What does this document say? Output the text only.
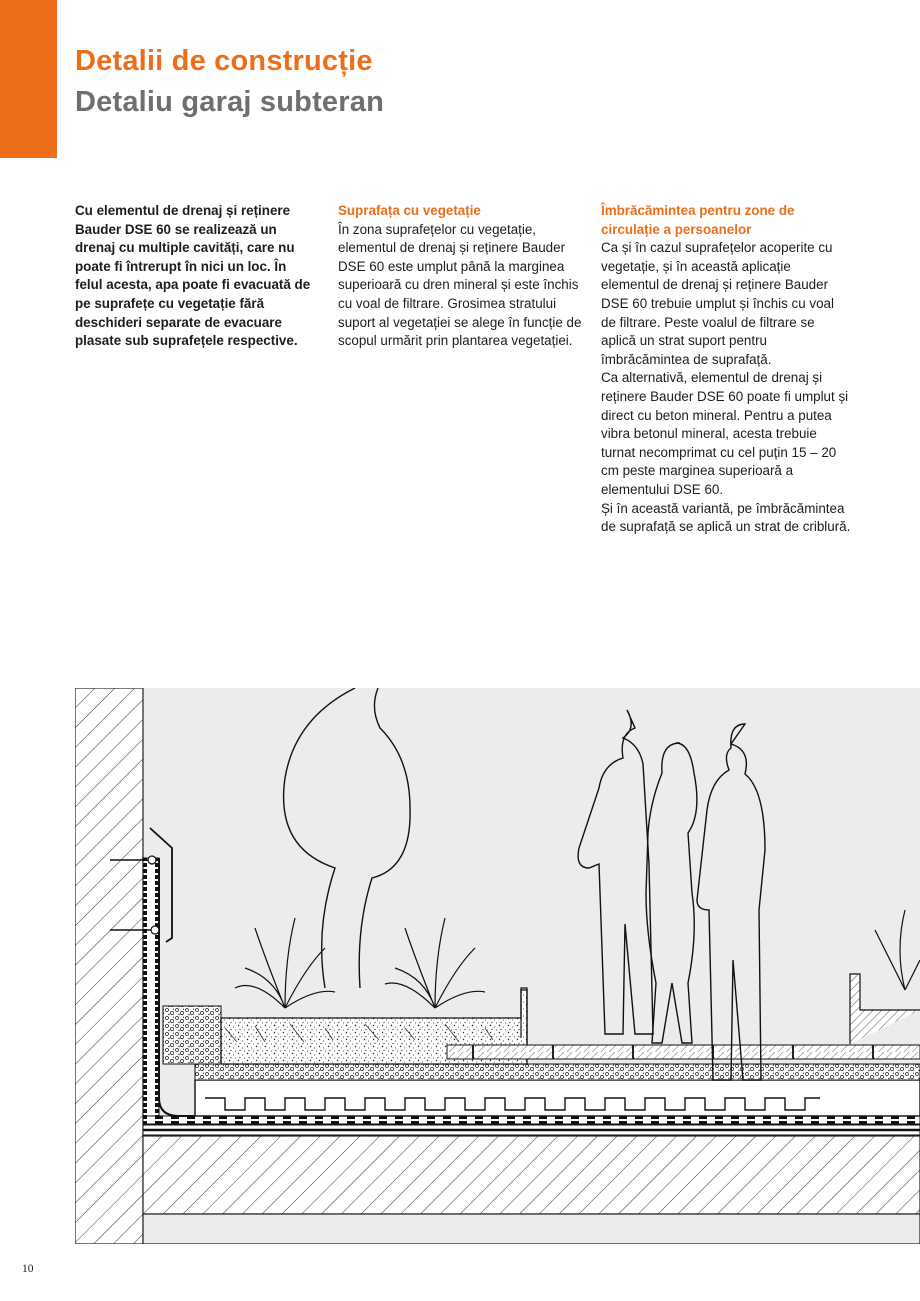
Detalii de construcție
Detaliu garaj subteran

Cu elementul de drenaj și reținere Bauder DSE 60 se realizează un drenaj cu multiple cavități, care nu poate fi întrerupt în nici un loc. În felul acesta, apa poate fi evacuată de pe suprafețe cu vegetație fără deschideri separate de evacuare plasate sub suprafețele respective.

Suprafața cu vegetație

În zona suprafețelor cu vegetație, elementul de drenaj și reținere Bauder DSE 60 este umplut până la marginea superioară cu dren mineral și este închis cu voal de filtrare. Grosimea stratului suport al vegetației se alege în funcție de scopul urmărit prin plantarea vegetației.

Îmbrăcămintea pentru zone de circulație a persoanelor

Ca și în cazul suprafețelor acoperite cu vegetație, și în această aplicație elementul de drenaj și reținere Bauder DSE 60 trebuie umplut și închis cu voal de filtrare. Peste voalul de filtrare se aplică un strat suport pentru îmbrăcămintea de suprafață.

Ca alternativă, elementul de drenaj și reținere Bauder DSE 60 poate fi umplut și direct cu beton mineral. Pentru a putea vibra betonul mineral, acesta trebuie turnat necomprimat cu cel puțin 15 – 20 cm peste marginea superioară a elementului DSE 60.

Și în această variantă, pe îmbrăcămintea de suprafață se aplică un strat de criblură.

10
